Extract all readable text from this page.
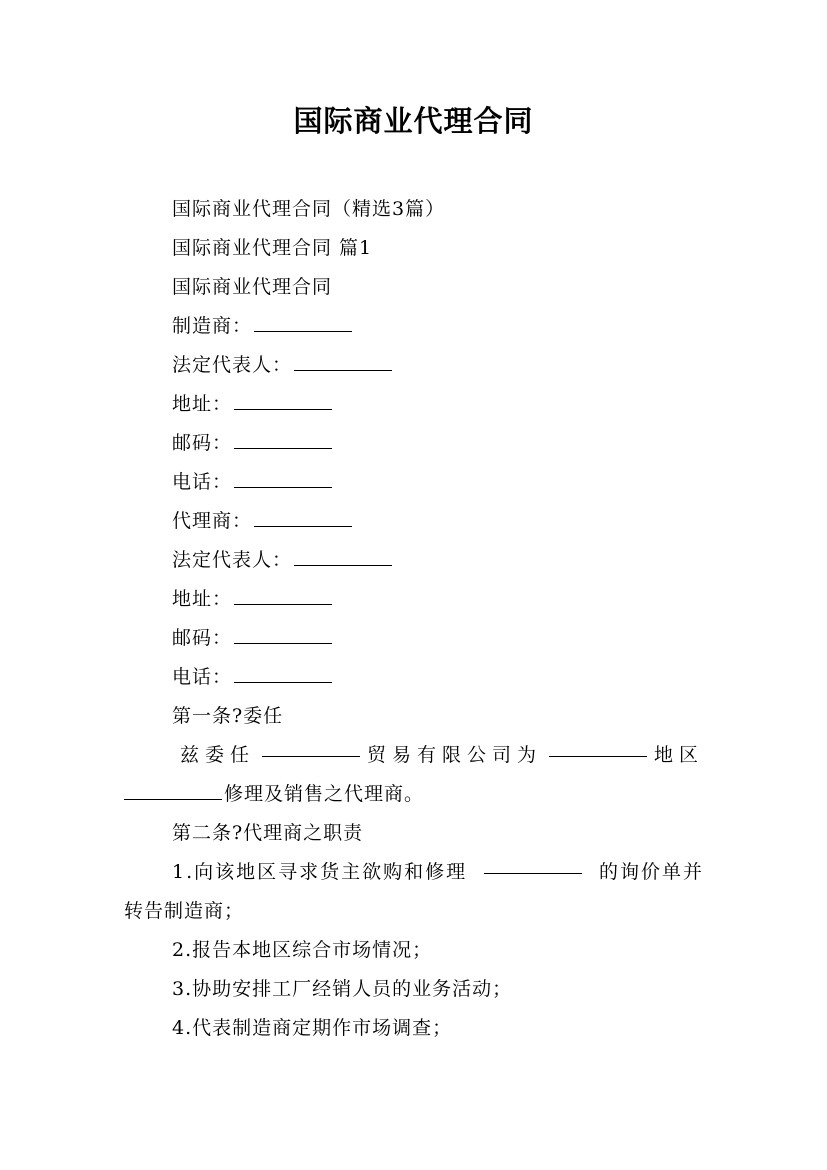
国际商业代理合同
国际商业代理合同（精选3篇）
国际商业代理合同 篇1
国际商业代理合同
制造商：
法定代表人：
地址：
邮码：
电话：
代理商：
法定代表人：
地址：
邮码：
电话：
第一条?委任
兹委任	贸易有限公司为	地区
修理及销售之代理商。
第二条?代理商之职责
1.向该地区寻求货主欲购和修理	的询价单并
转告制造商；
2.报告本地区综合市场情况；
3.协助安排工厂经销人员的业务活动；
4.代表制造商定期作市场调查；
